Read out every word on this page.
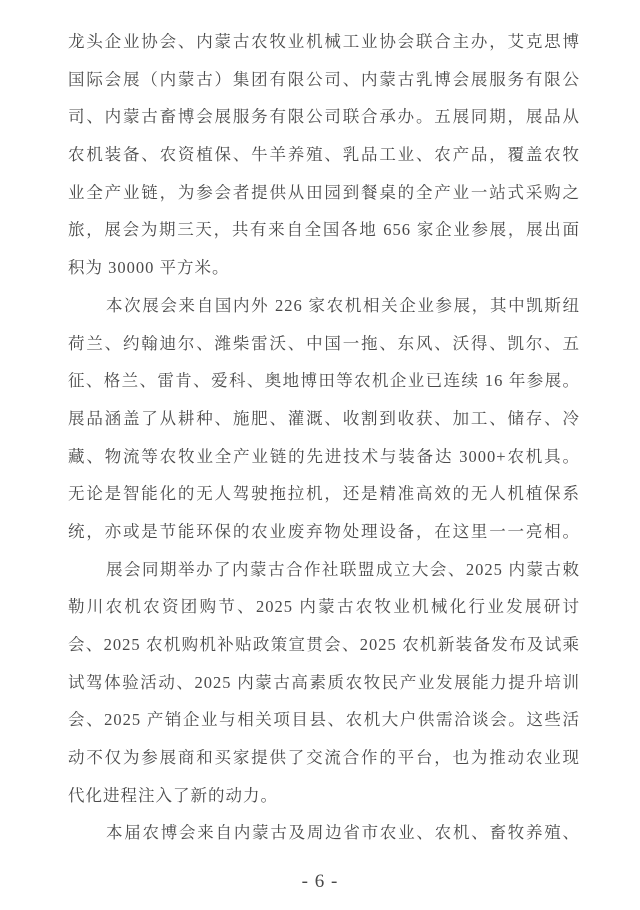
龙头企业协会、内蒙古农牧业机械工业协会联合主办，艾克思博
国际会展（内蒙古）集团有限公司、内蒙古乳博会展服务有限公
司、内蒙古畜博会展服务有限公司联合承办。五展同期，展品从
农机装备、农资植保、牛羊养殖、乳品工业、农产品，覆盖农牧
业全产业链，为参会者提供从田园到餐桌的全产业一站式采购之
旅，展会为期三天，共有来自全国各地 656 家企业参展，展出面
积为 30000 平方米。
本次展会来自国内外 226 家农机相关企业参展，其中凯斯纽
荷兰、约翰迪尔、潍柴雷沃、中国一拖、东风、沃得、凯尔、五
征、格兰、雷肯、爱科、奥地博田等农机企业已连续 16 年参展。
展品涵盖了从耕种、施肥、灌溉、收割到收获、加工、储存、冷
藏、物流等农牧业全产业链的先进技术与装备达 3000+农机具。
无论是智能化的无人驾驶拖拉机，还是精准高效的无人机植保系
统，亦或是节能环保的农业废弃物处理设备，在这里一一亮相。
展会同期举办了内蒙古合作社联盟成立大会、2025 内蒙古敕
勒川农机农资团购节、2025 内蒙古农牧业机械化行业发展研讨
会、2025 农机购机补贴政策宣贯会、2025 农机新装备发布及试乘
试驾体验活动、2025 内蒙古高素质农牧民产业发展能力提升培训
会、2025 产销企业与相关项目县、农机大户供需洽谈会。这些活
动不仅为参展商和买家提供了交流合作的平台，也为推动农业现
代化进程注入了新的动力。
本届农博会来自内蒙古及周边省市农业、农机、畜牧养殖、
- 6 -
